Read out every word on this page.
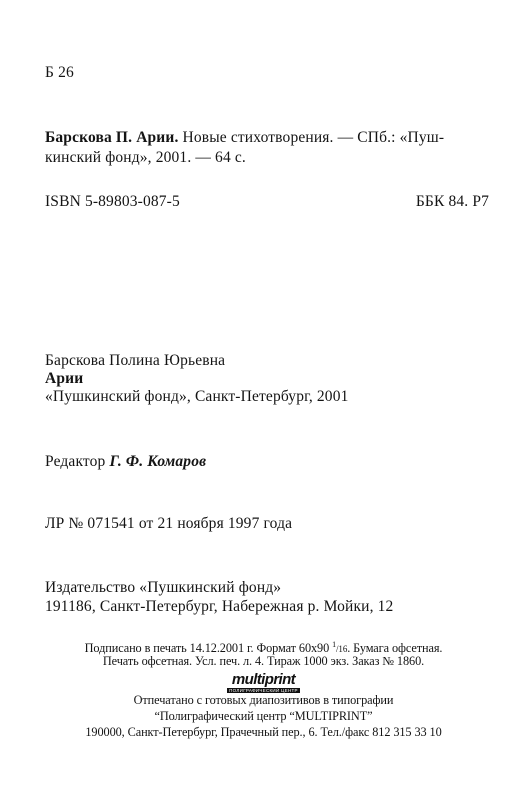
Б 26
Барскова П. Арии. Новые стихотворения. — СПб.: «Пуш-
кинский фонд», 2001. — 64 с.
ISBN 5-89803-087-5	ББК 84. Р7
Барскова Полина Юрьевна
Арии
«Пушкинский фонд», Санкт-Петербург, 2001
Редактор Г. Ф. Комаров
ЛР № 071541 от 21 ноября 1997 года
Издательство «Пушкинский фонд»
191186, Санкт-Петербург, Набережная р. Мойки, 12
Подписано в печать 14.12.2001 г. Формат 60х90 $^1$/16. Бумага офсетная.
Печать офсетная. Усл. печ. л. 4. Тираж 1000 экз. Заказ № 1860.
multiprint
ПОЛИГРАФИЧЕСКИЙ ЦЕНТР
Отпечатано с готовых диапозитивов в типографии
“Полиграфический центр “MULTIPRINT”
190000, Санкт-Петербург, Прачечный пер., 6. Тел./факс 812 315 33 10
